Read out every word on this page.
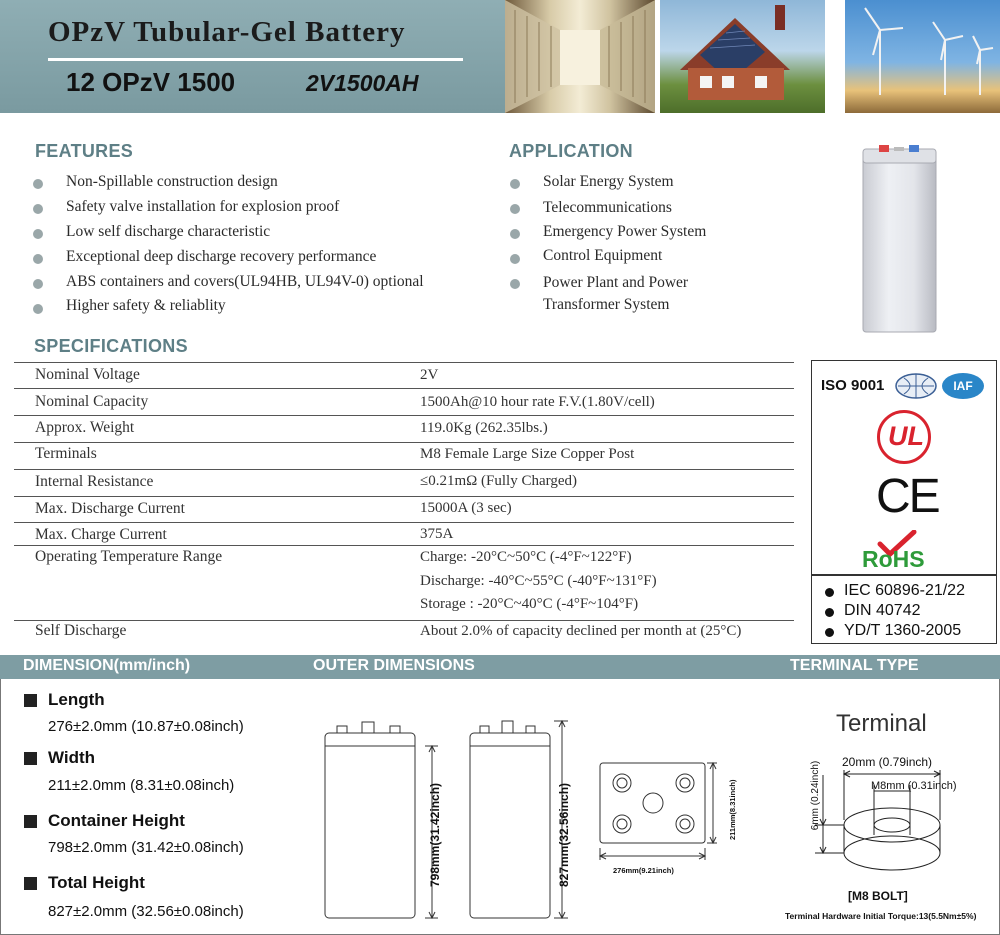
OPzV Tubular-Gel Battery
12 OPzV 1500	2V1500AH
FEATURES
Non-Spillable construction design
Safety valve installation for explosion proof
Low self discharge characteristic
Exceptional deep discharge recovery performance
ABS containers and covers(UL94HB, UL94V-0) optional
Higher safety & reliablity
APPLICATION
Solar Energy System
Telecommunications
Emergency Power System
Control Equipment
Power Plant and Power
Transformer System
SPECIFICATIONS
Nominal Voltage	2V
Nominal Capacity	1500Ah@10 hour rate F.V.(1.80V/cell)
Approx. Weight	119.0Kg (262.35lbs.)
Terminals	M8 Female Large Size Copper Post
Internal Resistance	≤0.21mΩ (Fully Charged)
Max. Discharge Current	15000A (3 sec)
Max. Charge Current	375A
Operating Temperature Range	Charge: -20°C~50°C (-4°F~122°F)
Discharge: -40°C~55°C (-40°F~131°F)
Storage : -20°C~40°C (-4°F~104°F)
Self Discharge	About 2.0% of capacity declined per month at (25°C)
ISO 9001	IAF
UL
CE
RoHS
IEC 60896-21/22
DIN 40742
YD/T 1360-2005
DIMENSION(mm/inch)	OUTER DIMENSIONS	TERMINAL TYPE
Length
276±2.0mm (10.87±0.08inch)
Width
211±2.0mm (8.31±0.08inch)
Container Height
798±2.0mm (31.42±0.08inch)
Total Height
827±2.0mm (32.56±0.08inch)
798mm(31.42inch)	827mm(32.56inch)	211mm(8.31inch)
276mm(9.21inch)
Terminal
20mm (0.79inch)
6mm (0.24inch)	M8mm (0.31inch)
[M8 BOLT]
Terminal Hardware Initial Torque:13(5.5Nm±5%)
